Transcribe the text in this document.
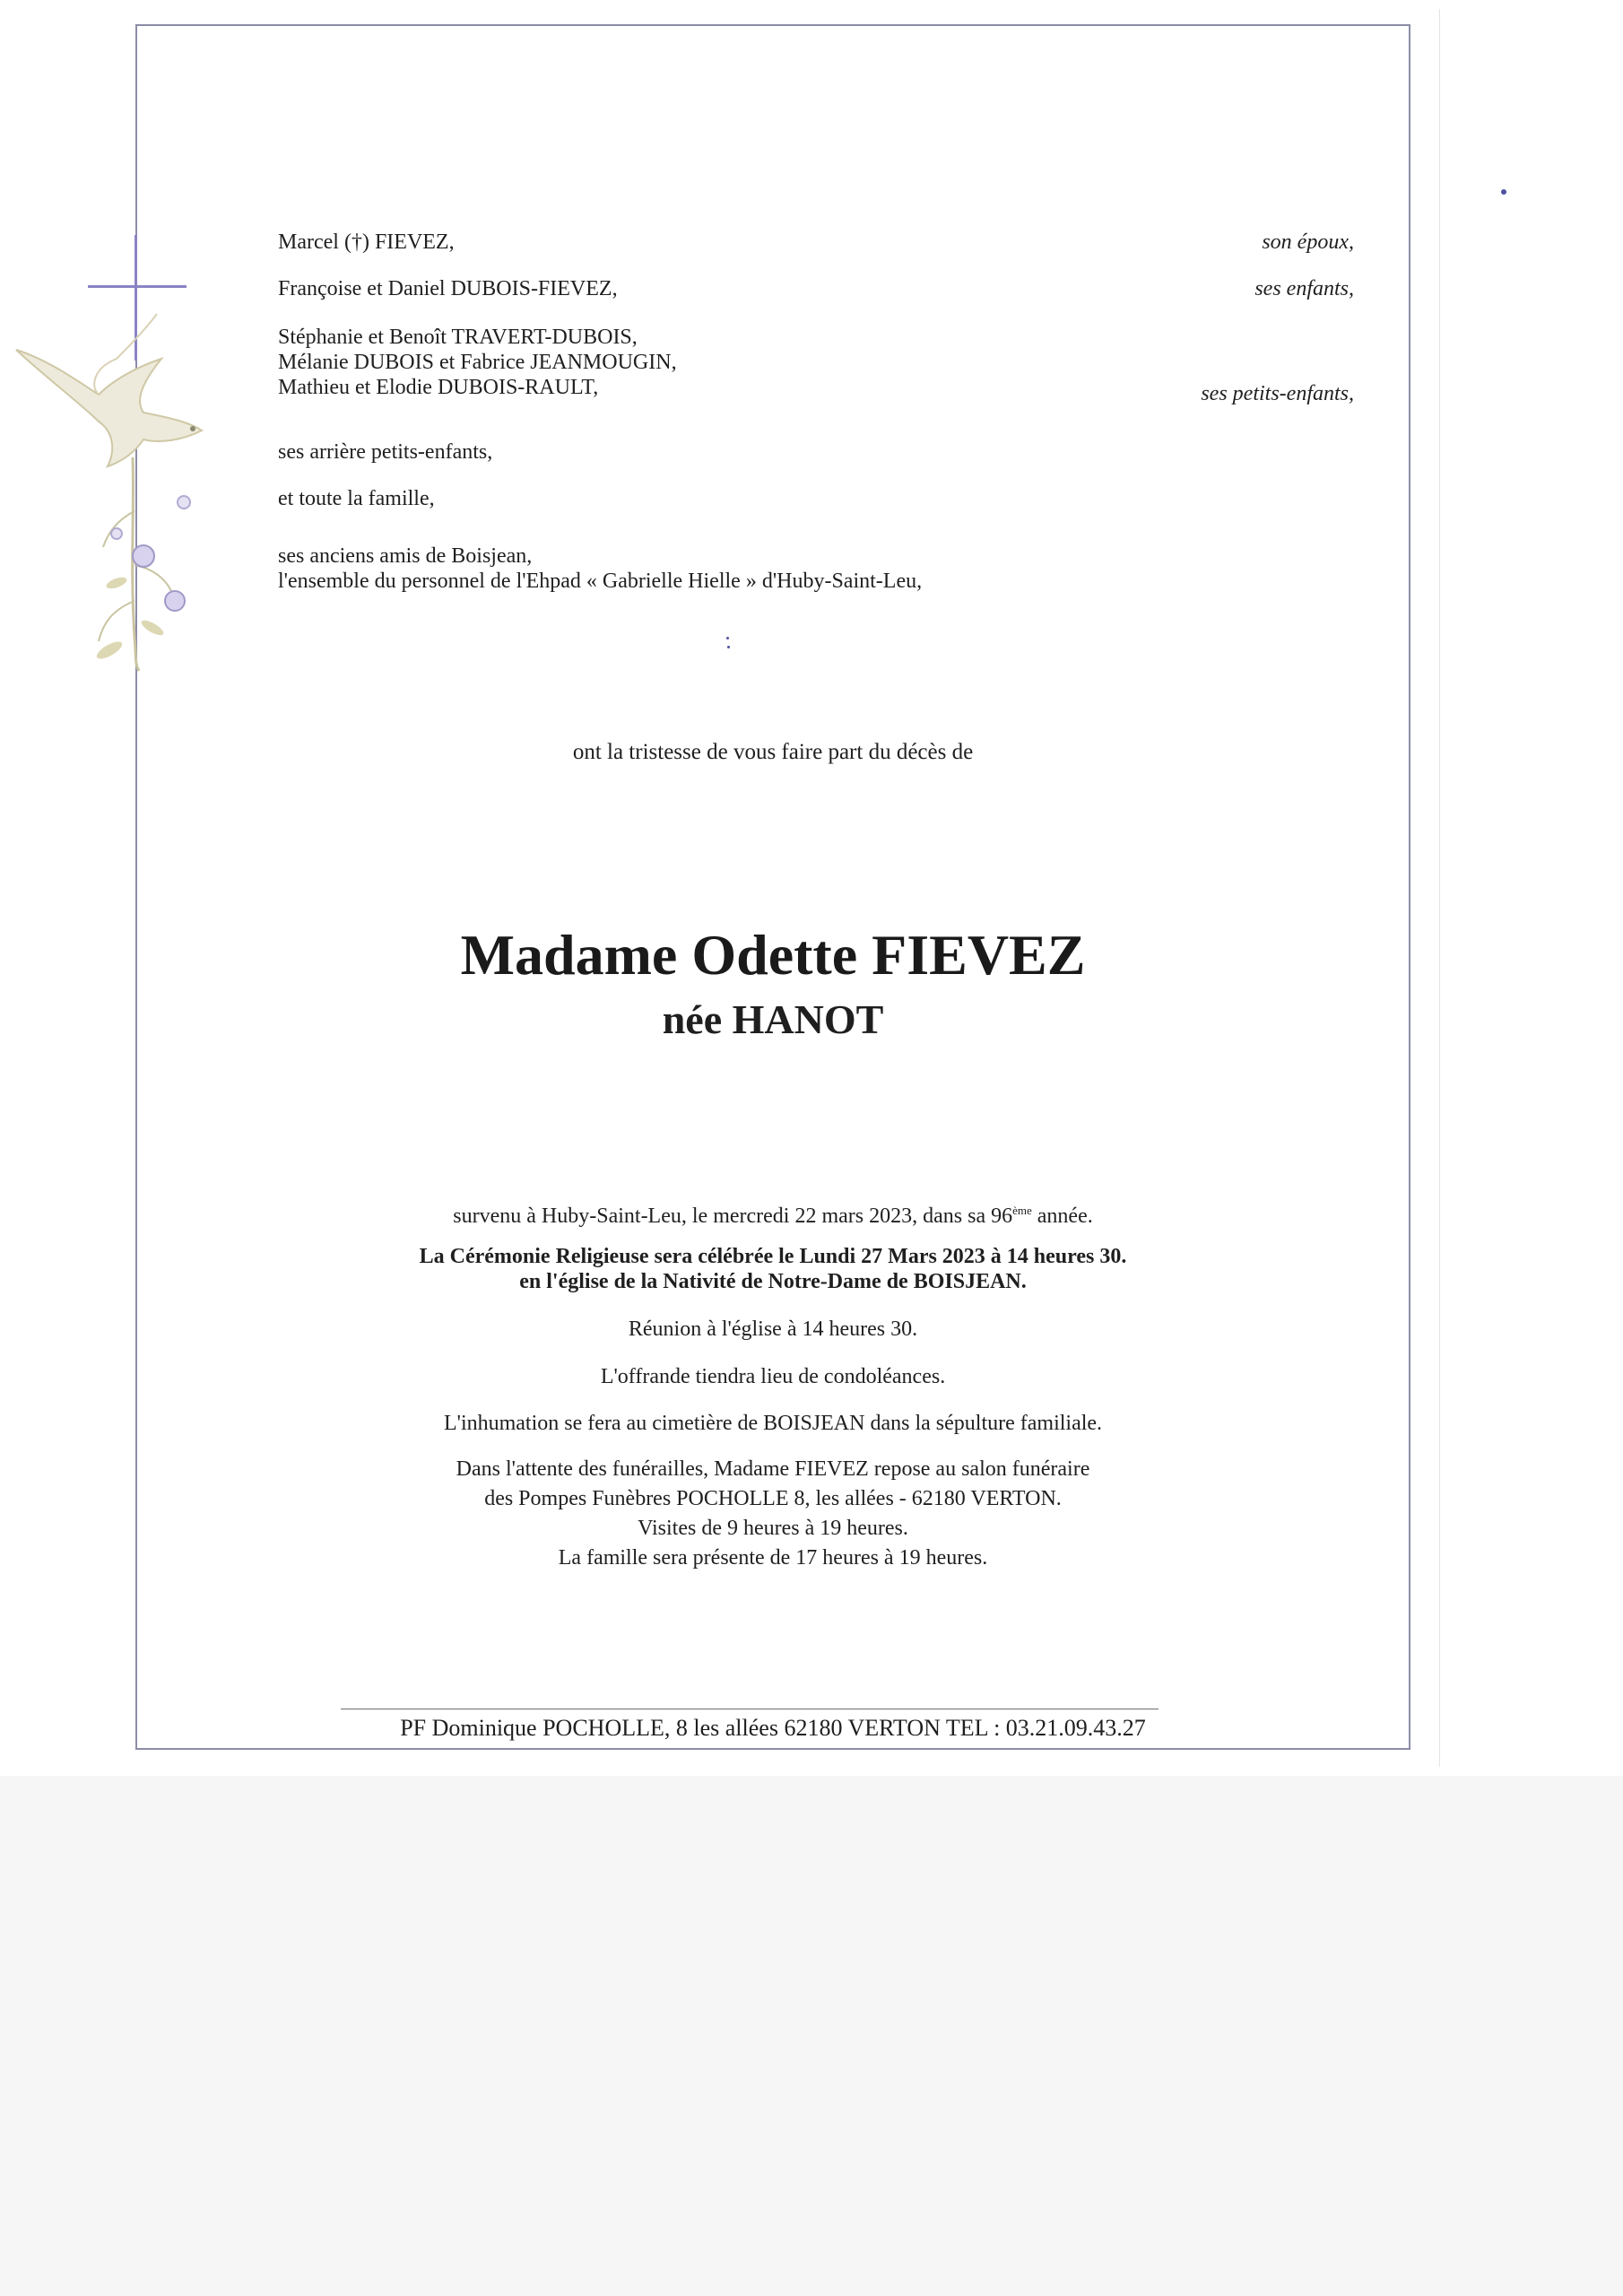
Marcel (†) FIEVEZ,	son époux,
Françoise et Daniel DUBOIS-FIEVEZ,	ses enfants,
Stéphanie et Benoît TRAVERT-DUBOIS,
Mélanie DUBOIS et Fabrice JEANMOUGIN,
Mathieu et Elodie DUBOIS-RAULT,	ses petits-enfants,
ses arrière petits-enfants,
et toute la famille,
ses anciens amis de Boisjean,
l'ensemble du personnel de l'Ehpad « Gabrielle Hielle » d'Huby-Saint-Leu,
ont la tristesse de vous faire part du décès de
Madame Odette FIEVEZ
née HANOT
survenu à Huby-Saint-Leu, le mercredi 22 mars 2023, dans sa 96ème année.
La Cérémonie Religieuse sera célébrée le Lundi 27 Mars 2023 à 14 heures 30.
en l'église de la Nativité de Notre-Dame de BOISJEAN.
Réunion à l'église à 14 heures 30.
L'offrande tiendra lieu de condoléances.
L'inhumation se fera au cimetière de BOISJEAN dans la sépulture familiale.
Dans l'attente des funérailles, Madame FIEVEZ repose au salon funéraire
des Pompes Funèbres POCHOLLE 8, les allées - 62180 VERTON.
Visites de 9 heures à 19 heures.
La famille sera présente de 17 heures à 19 heures.
PF Dominique POCHOLLE, 8 les allées 62180 VERTON TEL : 03.21.09.43.27
